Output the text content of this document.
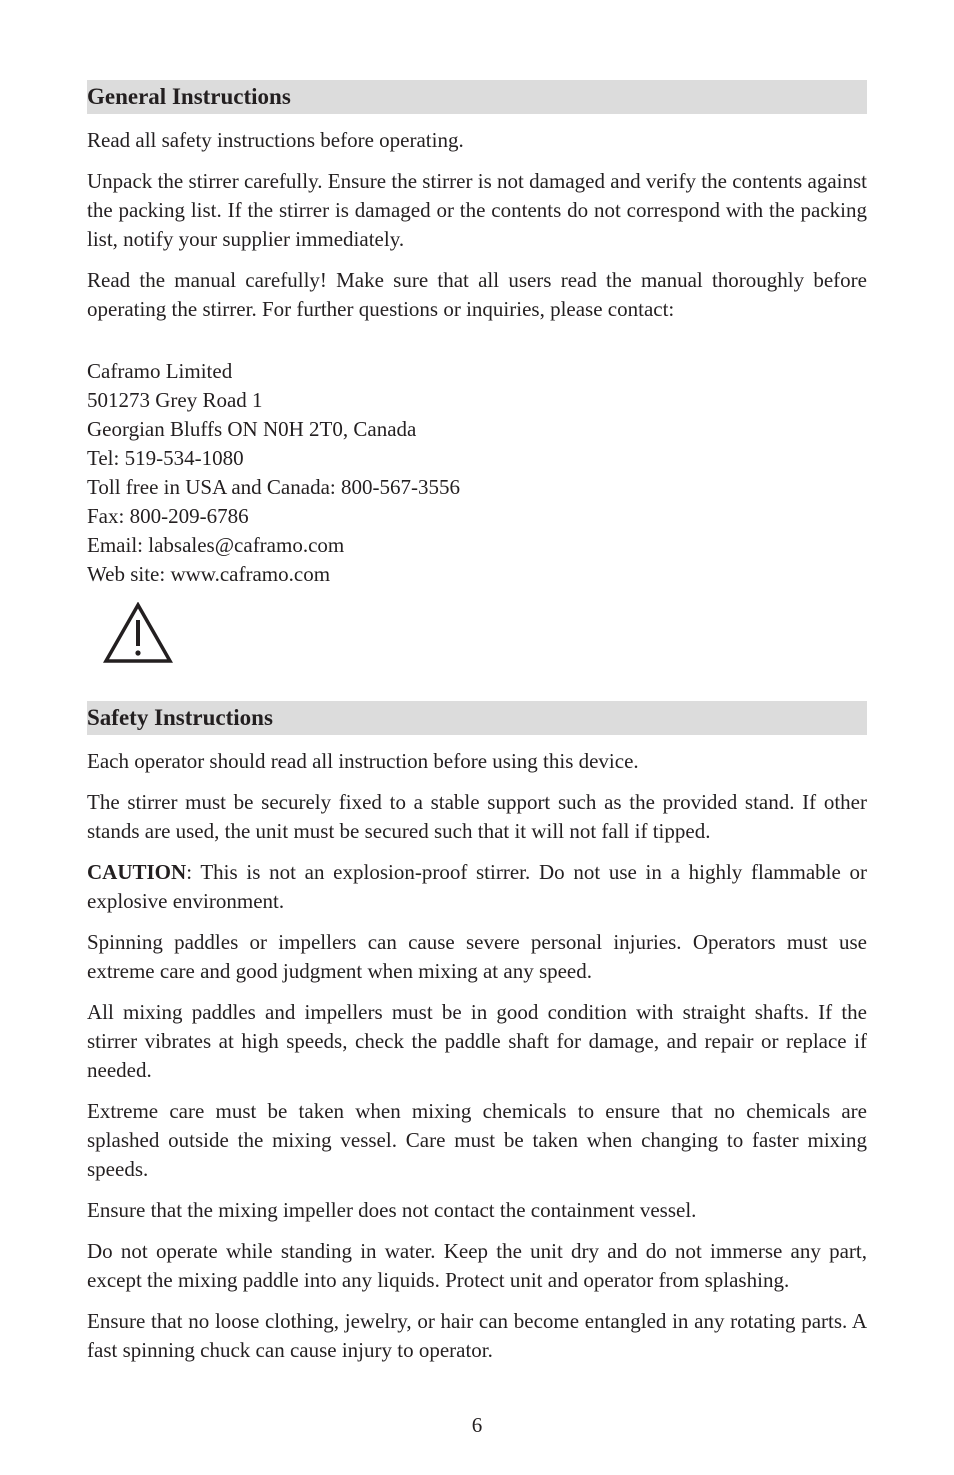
General Instructions

Read all safety instructions before operating.

Unpack the stirrer carefully. Ensure the stirrer is not damaged and verify the contents against the packing list. If the stirrer is damaged or the contents do not correspond with the packing list, notify your supplier immediately.

Read the manual carefully! Make sure that all users read the manual thoroughly before operating the stirrer. For further questions or inquiries, please contact:

Caframo Limited
501273 Grey Road 1
Georgian Bluffs ON N0H 2T0, Canada
Tel: 519-534-1080
Toll free in USA and Canada: 800-567-3556
Fax: 800-209-6786
Email: labsales@caframo.com
Web site: www.caframo.com
Safety Instructions

Each operator should read all instruction before using this device.

The stirrer must be securely fixed to a stable support such as the provided stand. If other stands are used, the unit must be secured such that it will not fall if tipped.

CAUTION: This is not an explosion-proof stirrer. Do not use in a highly flammable or explosive environment.

Spinning paddles or impellers can cause severe personal injuries. Operators must use extreme care and good judgment when mixing at any speed.

All mixing paddles and impellers must be in good condition with straight shafts. If the stirrer vibrates at high speeds, check the paddle shaft for damage, and repair or replace if needed.

Extreme care must be taken when mixing chemicals to ensure that no chemicals are splashed outside the mixing vessel. Care must be taken when changing to faster mixing speeds.

Ensure that the mixing impeller does not contact the containment vessel.

Do not operate while standing in water. Keep the unit dry and do not immerse any part, except the mixing paddle into any liquids. Protect unit and operator from splashing.

Ensure that no loose clothing, jewelry, or hair can become entangled in any rotating parts. A fast spinning chuck can cause injury to operator.

6
